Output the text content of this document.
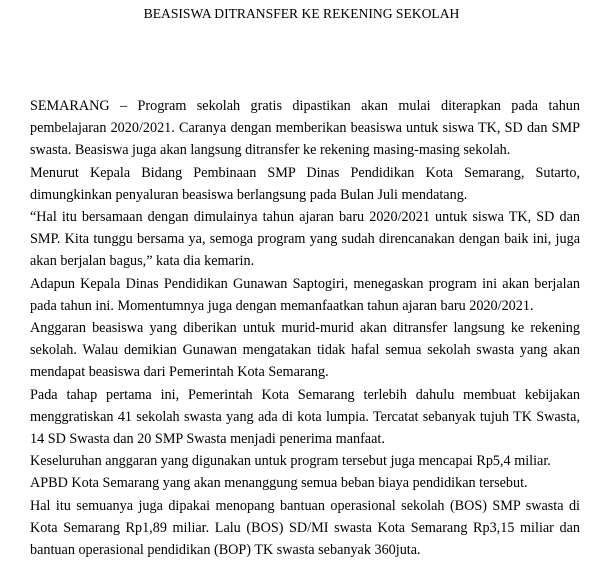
BEASISWA DITRANSFER KE REKENING SEKOLAH

SEMARANG – Program sekolah gratis dipastikan akan mulai diterapkan pada tahun pembelajaran 2020/2021. Caranya dengan memberikan beasiswa untuk siswa TK, SD dan SMP swasta. Beasiswa juga akan langsung ditransfer ke rekening masing-masing sekolah.

Menurut Kepala Bidang Pembinaan SMP Dinas Pendidikan Kota Semarang, Sutarto, dimungkinkan penyaluran beasiswa berlangsung pada Bulan Juli mendatang.

“Hal itu bersamaan dengan dimulainya tahun ajaran baru 2020/2021 untuk siswa TK, SD dan SMP. Kita tunggu bersama ya, semoga program yang sudah direncanakan dengan baik ini, juga akan berjalan bagus,” kata dia kemarin.

Adapun Kepala Dinas Pendidikan Gunawan Saptogiri, menegaskan program ini akan berjalan pada tahun ini. Momentumnya juga dengan memanfaatkan tahun ajaran baru 2020/2021.

Anggaran beasiswa yang diberikan untuk murid-murid akan ditransfer langsung ke rekening sekolah. Walau demikian Gunawan mengatakan tidak hafal semua sekolah swasta yang akan mendapat beasiswa dari Pemerintah Kota Semarang.

Pada tahap pertama ini, Pemerintah Kota Semarang terlebih dahulu membuat kebijakan menggratiskan 41 sekolah swasta yang ada di kota lumpia. Tercatat sebanyak tujuh TK Swasta, 14 SD Swasta dan 20 SMP Swasta menjadi penerima manfaat.

Keseluruhan anggaran yang digunakan untuk program tersebut juga mencapai Rp5,4 miliar.

APBD Kota Semarang yang akan menanggung semua beban biaya pendidikan tersebut.

Hal itu semuanya juga dipakai menopang bantuan operasional sekolah (BOS) SMP swasta di Kota Semarang Rp1,89 miliar. Lalu (BOS) SD/MI swasta Kota Semarang Rp3,15 miliar dan bantuan operasional pendidikan (BOP) TK swasta sebanyak 360juta.
